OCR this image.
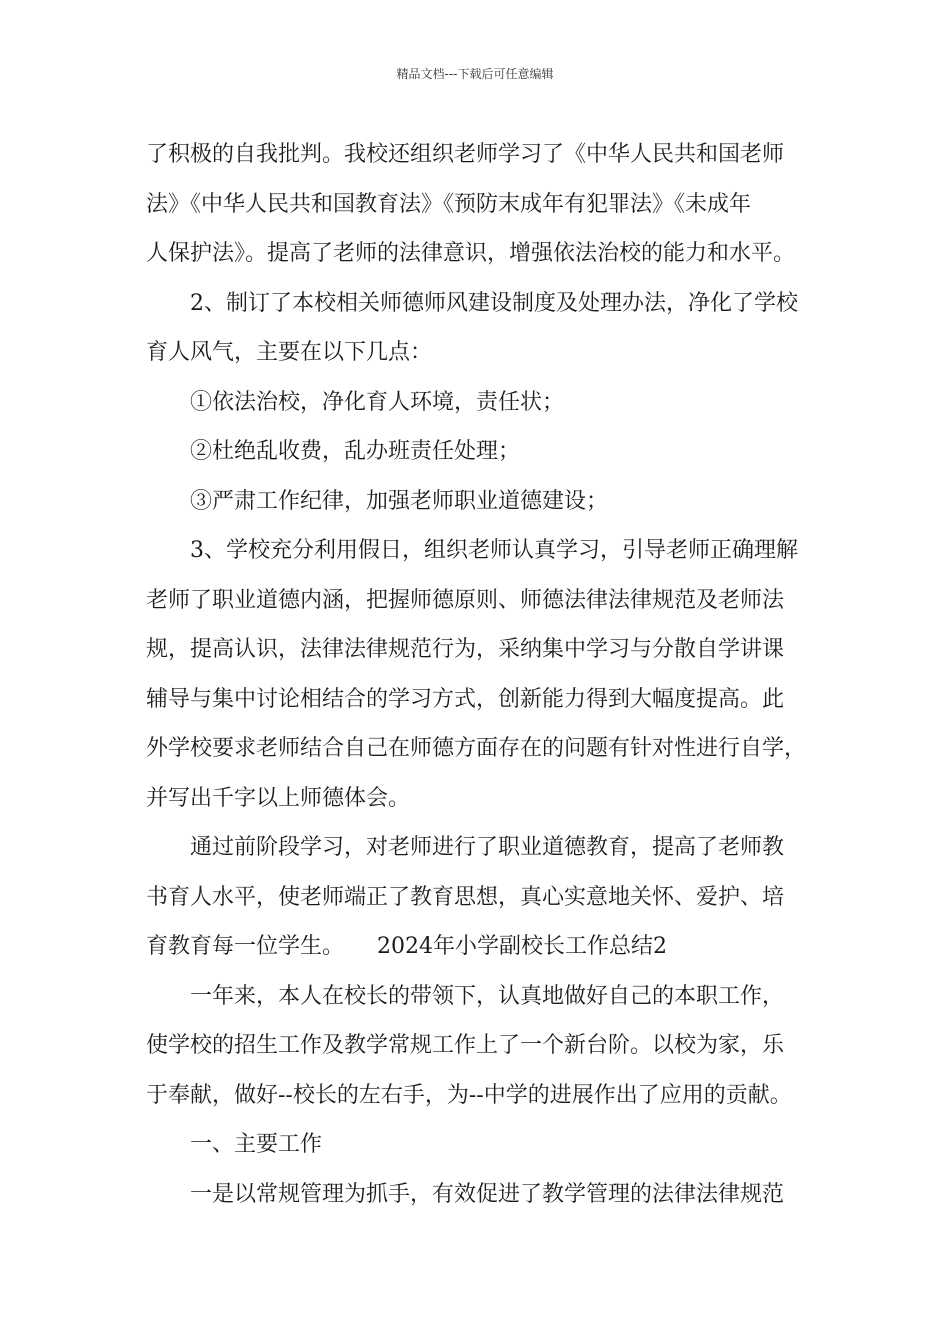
精品文档---下载后可任意编辑
了积极的自我批判。我校还组织老师学习了《中华人民共和国老师
法》《中华人民共和国教育法》《预防末成年有犯罪法》《未成年
人保护法》。提高了老师的法律意识，增强依法治校的能力和水平。
2、制订了本校相关师德师风建设制度及处理办法，净化了学校
育人风气，主要在以下几点：
①依法治校，净化育人环境，责任状；
②杜绝乱收费，乱办班责任处理；
③严肃工作纪律，加强老师职业道德建设；
3、学校充分利用假日，组织老师认真学习，引导老师正确理解
老师了职业道德内涵，把握师德原则、师德法律法律规范及老师法
规，提高认识，法律法律规范行为，采纳集中学习与分散自学讲课
辅导与集中讨论相结合的学习方式，创新能力得到大幅度提高。此
外学校要求老师结合自己在师德方面存在的问题有针对性进行自学，
并写出千字以上师德体会。
通过前阶段学习，对老师进行了职业道德教育，提高了老师教
书育人水平，使老师端正了教育思想，真心实意地关怀、爱护、培
育教育每一位学生。　　2024年小学副校长工作总结2
一年来，本人在校长的带领下，认真地做好自己的本职工作，
使学校的招生工作及教学常规工作上了一个新台阶。以校为家，乐
于奉献，做好--校长的左右手，为--中学的进展作出了应用的贡献。
一、主要工作
一是以常规管理为抓手，有效促进了教学管理的法律法律规范
